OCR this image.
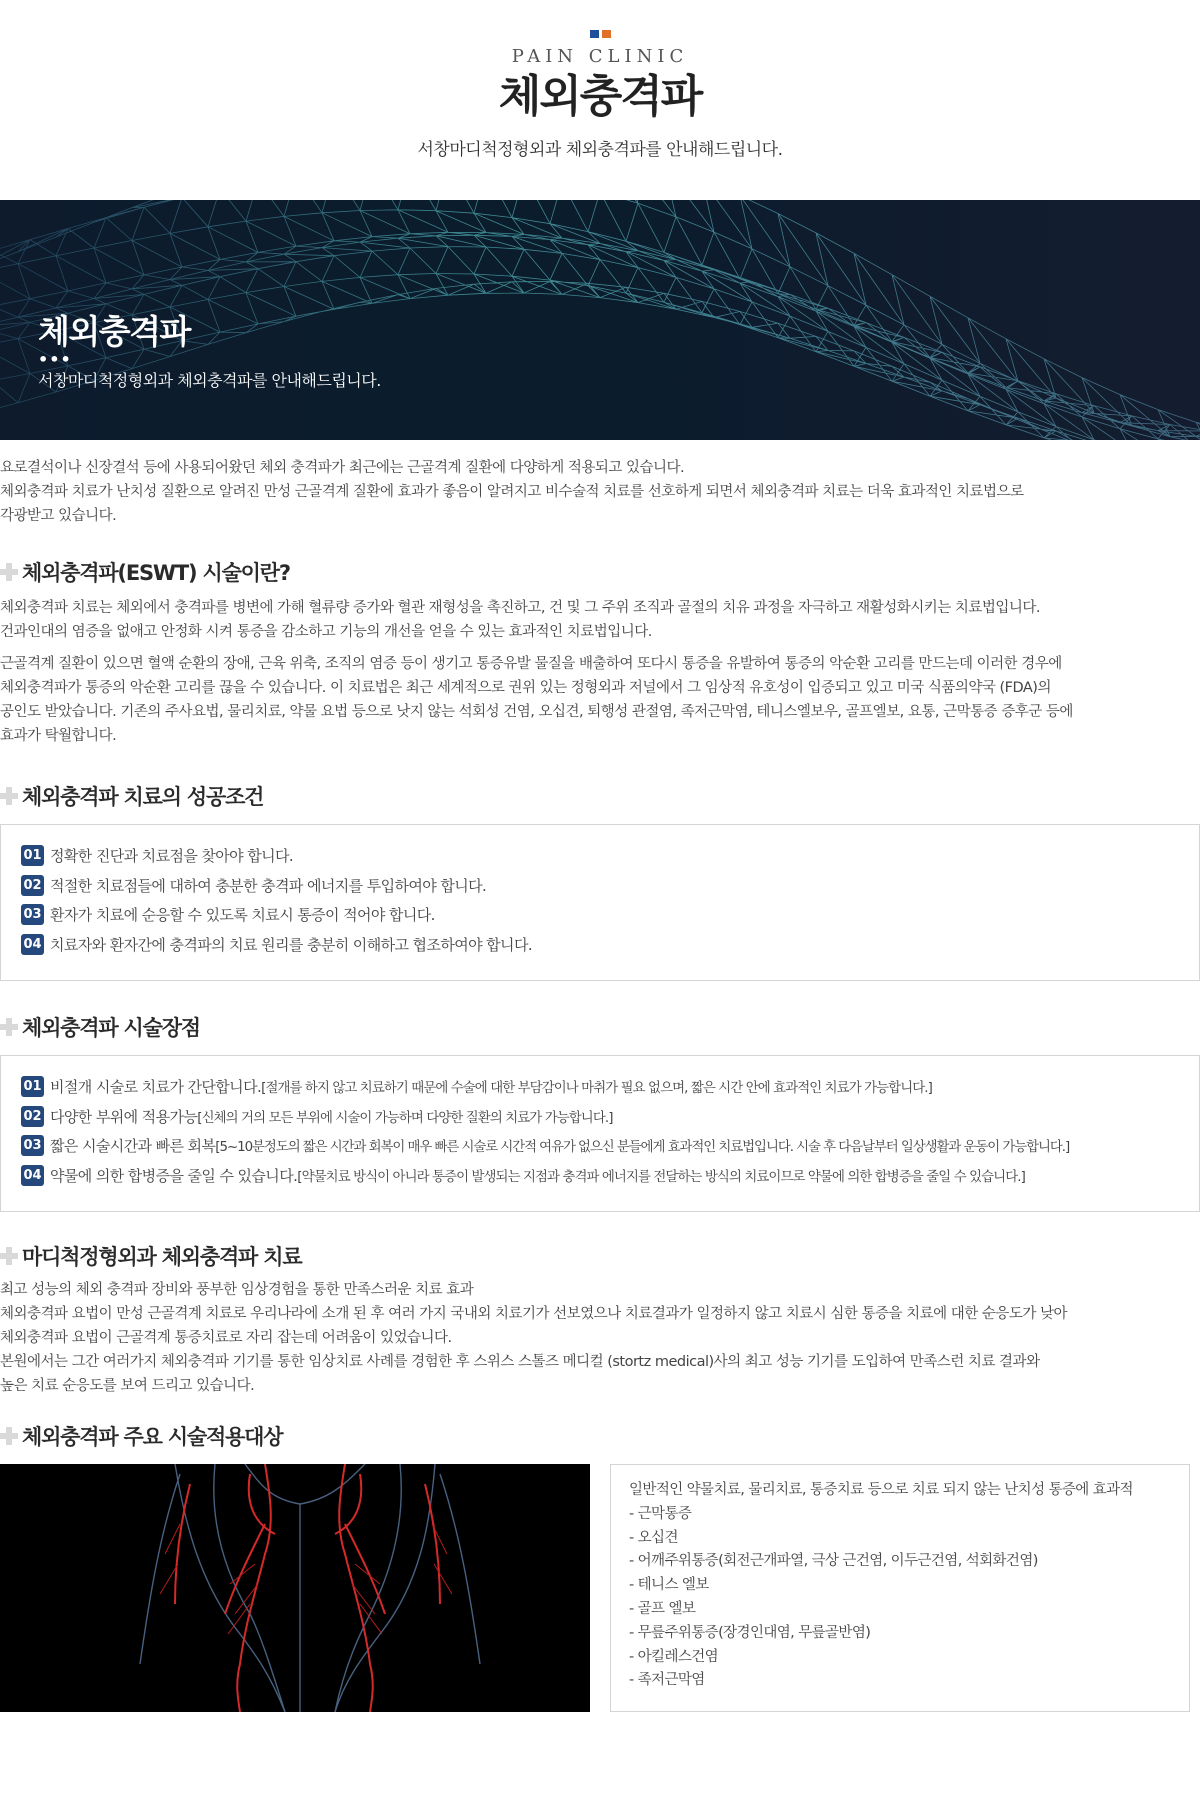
PAIN CLINIC
체외충격파
서창마디척정형외과 체외충격파를 안내해드립니다.
체외충격파
•••
서창마디척정형외과 체외충격파를 안내해드립니다.
요로결석이나 신장결석 등에 사용되어왔던 체외 충격파가 최근에는 근골격계 질환에 다양하게 적용되고 있습니다.
체외충격파 치료가 난치성 질환으로 알려진 만성 근골격계 질환에 효과가 좋음이 알려지고 비수술적 치료를 선호하게 되면서 체외충격파 치료는 더욱 효과적인 치료법으로
각광받고 있습니다.
체외충격파(ESWT) 시술이란?
체외충격파 치료는 체외에서 충격파를 병변에 가해 혈류량 증가와 혈관 재형성을 촉진하고, 건 및 그 주위 조직과 골절의 치유 과정을 자극하고 재활성화시키는 치료법입니다.
건과인대의 염증을 없애고 안정화 시켜 통증을 감소하고 기능의 개선을 얻을 수 있는 효과적인 치료법입니다.
근골격계 질환이 있으면 혈액 순환의 장애, 근육 위축, 조직의 염증 등이 생기고 통증유발 물질을 배출하여 또다시 통증을 유발하여 통증의 악순환 고리를 만드는데 이러한 경우에
체외충격파가 통증의 악순환 고리를 끊을 수 있습니다. 이 치료법은 최근 세계적으로 권위 있는 정형외과 저널에서 그 임상적 유호성이 입증되고 있고 미국 식품의약국 (FDA)의
공인도 받았습니다. 기존의 주사요법, 물리치료, 약물 요법 등으로 낫지 않는 석회성 건염, 오십견, 퇴행성 관절염, 족저근막염, 테니스엘보우, 골프엘보, 요통, 근막통증 증후군 등에
효과가 탁월합니다.
체외충격파 치료의 성공조건
01 정확한 진단과 치료점을 찾아야 합니다.
02 적절한 치료점들에 대하여 충분한 충격파 에너지를 투입하여야 합니다.
03 환자가 치료에 순응할 수 있도록 치료시 통증이 적어야 합니다.
04 치료자와 환자간에 충격파의 치료 원리를 충분히 이해하고 협조하여야 합니다.
체외충격파 시술장점
01 비절개 시술로 치료가 간단합니다. [절개를 하지 않고 치료하기 때문에 수술에 대한 부담감이나 마취가 필요 없으며, 짧은 시간 안에 효과적인 치료가 가능합니다.]
02 다양한 부위에 적용가능 [신체의 거의 모든 부위에 시술이 가능하며 다양한 질환의 치료가 가능합니다.]
03 짧은 시술시간과 빠른 회복 [5~10분정도의 짧은 시간과 회복이 매우 빠른 시술로 시간적 여유가 없으신 분들에게 효과적인 치료법입니다. 시술 후 다음날부터 일상생활과 운동이 가능합니다.]
04 약물에 의한 합병증을 줄일 수 있습니다. [약물치료 방식이 아니라 통증이 발생되는 지점과 충격파 에너지를 전달하는 방식의 치료이므로 약물에 의한 합병증을 줄일 수 있습니다.]
마디척정형외과 체외충격파 치료
최고 성능의 체외 충격파 장비와 풍부한 임상경험을 통한 만족스러운 치료 효과
체외충격파 요법이 만성 근골격계 치료로 우리나라에 소개 된 후 여러 가지 국내외 치료기가 선보였으나 치료결과가 일정하지 않고 치료시 심한 통증을 치료에 대한 순응도가 낮아
체외충격파 요법이 근골격계 통증치료로 자리 잡는데 어려움이 있었습니다.
본원에서는 그간 여러가지 체외충격파 기기를 통한 임상치료 사례를 경험한 후 스위스 스톨즈 메디컬 (stortz medical)사의 최고 성능 기기를 도입하여 만족스런 치료 결과와
높은 치료 순응도를 보여 드리고 있습니다.
체외충격파 주요 시술적용대상
일반적인 약물치료, 물리치료, 통증치료 등으로 치료 되지 않는 난치성 통증에 효과적
- 근막통증
- 오십견
- 어깨주위통증(회전근개파열, 극상 근건염, 이두근건염, 석회화건염)
- 테니스 엘보
- 골프 엘보
- 무릎주위통증(장경인대염, 무릎골반염)
- 아킬레스건염
- 족저근막염
